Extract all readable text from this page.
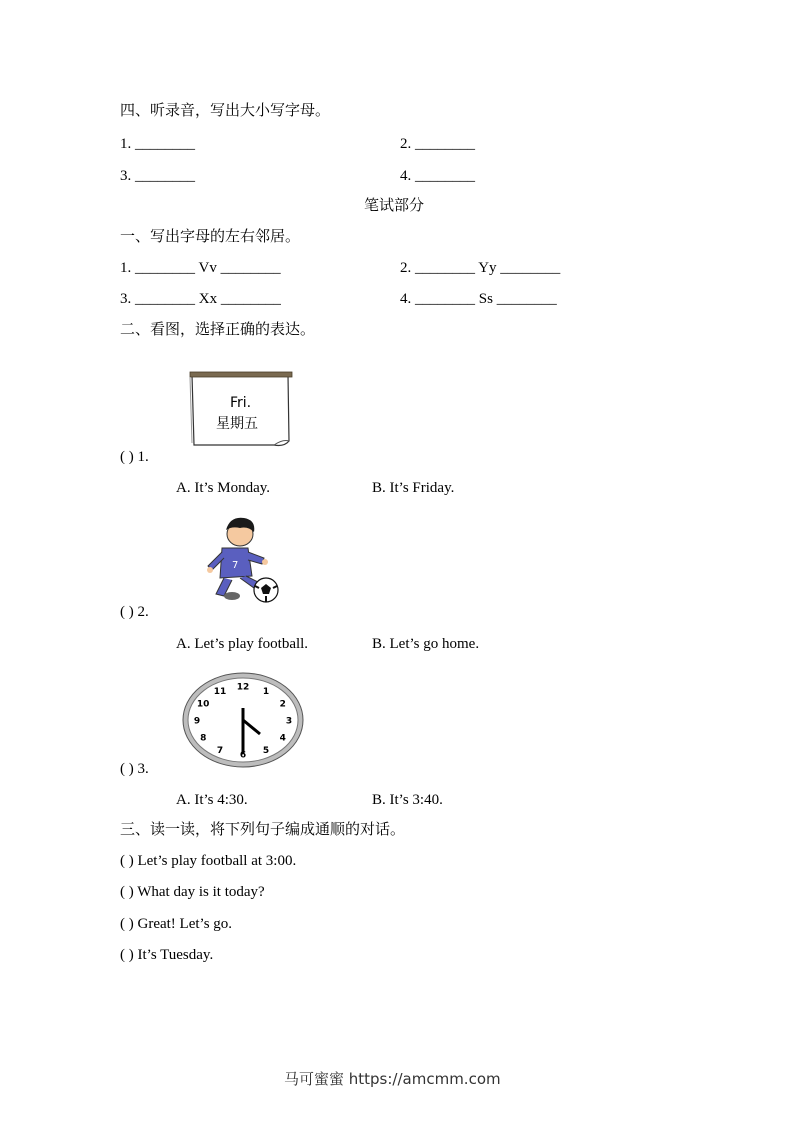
四、听录音，写出大小写字母。
1. ________	2. ________
3. ________	4. ________
笔试部分
一、写出字母的左右邻居。
1. ________ Vv ________	2. ________ Yy ________
3. ________ Xx ________	4. ________ Ss ________
二、看图，选择正确的表达。
Fri.
星期五
( ) 1.
A. It’s Monday.	B. It’s Friday.
7
( ) 2.
A. Let’s play football.	B. Let’s go home.
12 1
2
3
4
5
6
7
8
9
10
11
( ) 3.
A. It’s 4:30.	B. It’s 3:40.
三、读一读，将下列句子编成通顺的对话。
( ) Let’s play football at 3:00.
( ) What day is it today?
( ) Great! Let’s go.
( ) It’s Tuesday.
马可蜜蜜 https://amcmm.com
